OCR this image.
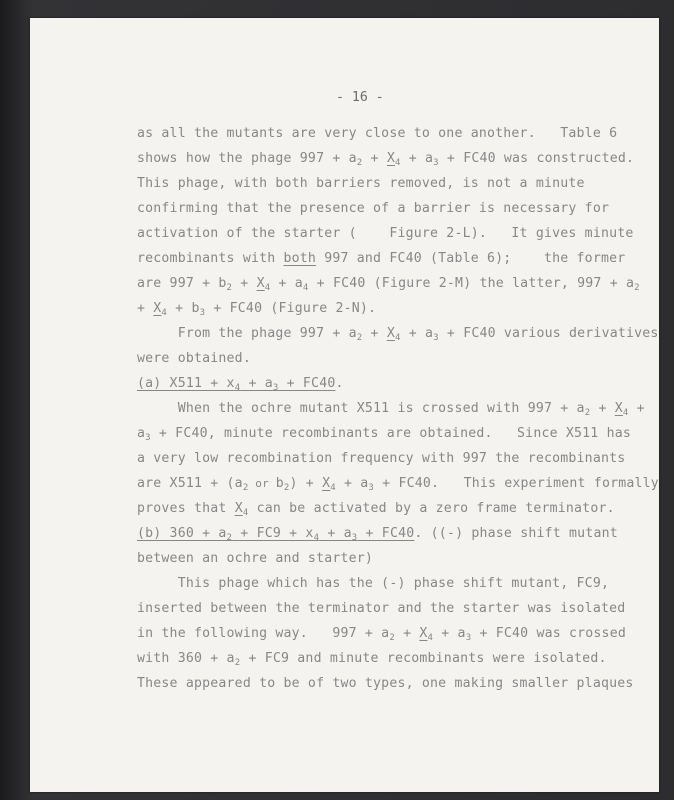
- 16 -
as all the mutants are very close to one another.   Table 6
shows how the phage $997 + a_2 + X_4 + a_3 + FC40$ was constructed.
This phage, with both barriers removed, is not a minute
confirming that the presence of a barrier is necessary for
activation of the starter (    Figure 2-L).   It gives minute
recombinants with both 997 and FC40 (Table 6);    the former
are $997 + b_2 + X_4 + a_4 + FC40$ (Figure 2-M) the latter, $997 + a_2$
+ $X_4 + b_3 + FC40$ (Figure 2-N).
From the phage $997 + a_2 + X_4 + a_3 + FC40$ various derivatives
were obtained.
(a) $X511 + x_4 + a_3 + FC40$.
When the ochre mutant X511 is crossed with $997 + a_2 + X_4$ +
$a_3 + FC40$, minute recombinants are obtained.   Since X511 has
a very low recombination frequency with 997 the recombinants
are $X511 + (a_2$ or $b_2) + X_4 + a_3 + FC40$.   This experiment formally
proves that $X_4$ can be activated by a zero frame terminator.
(b) $360 + a_2 + FC9 + x_4 + a_3 + FC40$. ((-) phase shift mutant
between an ochre and starter)
This phage which has the (-) phase shift mutant, FC9,
inserted between the terminator and the starter was isolated
in the following way.   $997 + a_2 + X_4 + a_3 + FC40$ was crossed
with $360 + a_2 + FC9$ and minute recombinants were isolated.
These appeared to be of two types, one making smaller plaques
